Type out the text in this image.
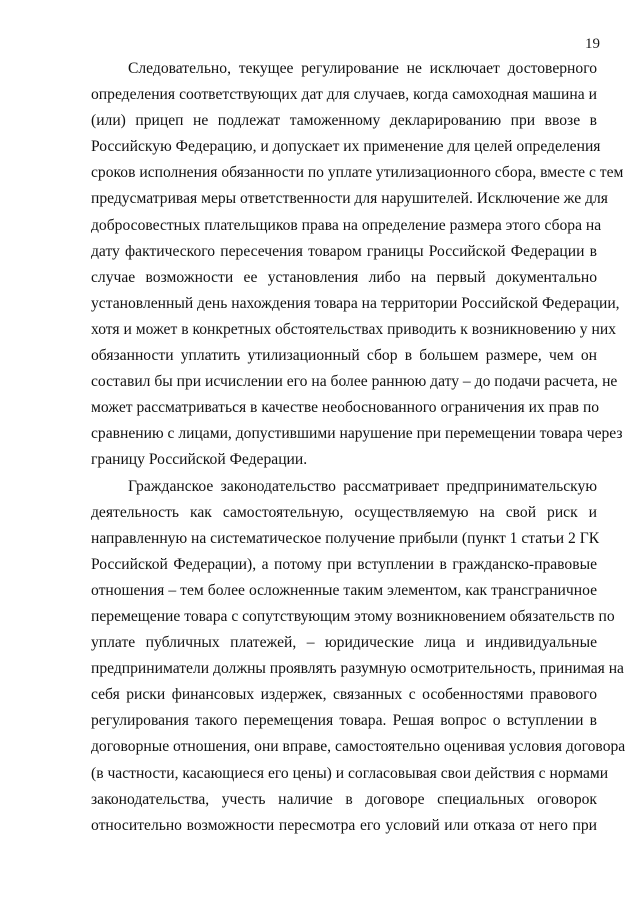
19
Следовательно, текущее регулирование не исключает достоверного
определения соответствующих дат для случаев, когда самоходная машина и
(или) прицеп не подлежат таможенному декларированию при ввозе в
Российскую Федерацию, и допускает их применение для целей определения
сроков исполнения обязанности по уплате утилизационного сбора, вместе с тем
предусматривая меры ответственности для нарушителей. Исключение же для
добросовестных плательщиков права на определение размера этого сбора на
дату фактического пересечения товаром границы Российской Федерации в
случае возможности ее установления либо на первый документально
установленный день нахождения товара на территории Российской Федерации,
хотя и может в конкретных обстоятельствах приводить к возникновению у них
обязанности уплатить утилизационный сбор в большем размере, чем он
составил бы при исчислении его на более раннюю дату – до подачи расчета, не
может рассматриваться в качестве необоснованного ограничения их прав по
сравнению с лицами, допустившими нарушение при перемещении товара через
границу Российской Федерации.
Гражданское законодательство рассматривает предпринимательскую
деятельность как самостоятельную, осуществляемую на свой риск и
направленную на систематическое получение прибыли (пункт 1 статьи 2 ГК
Российской Федерации), а потому при вступлении в гражданско-правовые
отношения – тем более осложненные таким элементом, как трансграничное
перемещение товара с сопутствующим этому возникновением обязательств по
уплате публичных платежей, – юридические лица и индивидуальные
предприниматели должны проявлять разумную осмотрительность, принимая на
себя риски финансовых издержек, связанных с особенностями правового
регулирования такого перемещения товара. Решая вопрос о вступлении в
договорные отношения, они вправе, самостоятельно оценивая условия договора
(в частности, касающиеся его цены) и согласовывая свои действия с нормами
законодательства, учесть наличие в договоре специальных оговорок
относительно возможности пересмотра его условий или отказа от него при
